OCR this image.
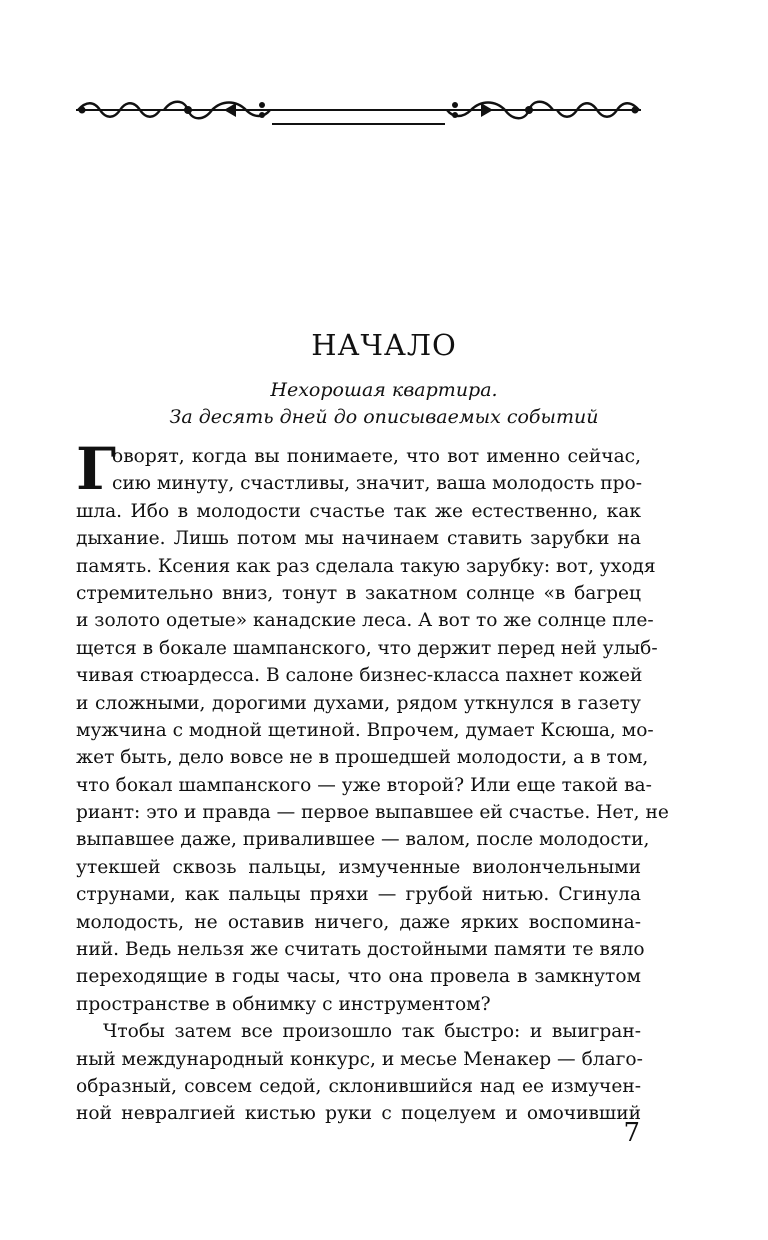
НАЧАЛО
Нехорошая квартира.
За десять дней до описываемых событий
Г
оворят, когда вы понимаете, что вот именно сейчас,
сию минуту, счастливы, значит, ваша молодость про-
шла. Ибо в молодости счастье так же естественно, как
дыхание. Лишь потом мы начинаем ставить зарубки на
память. Ксения как раз сделала такую зарубку: вот, уходя
стремительно вниз, тонут в закатном солнце «в багрец
и золото одетые» канадские леса. А вот то же солнце пле-
щется в бокале шампанского, что держит перед ней улыб-
чивая стюардесса. В салоне бизнес-класса пахнет кожей
и сложными, дорогими духами, рядом уткнулся в газету
мужчина с модной щетиной. Впрочем, думает Ксюша, мо-
жет быть, дело вовсе не в прошедшей молодости, а в том,
что бокал шампанского — уже второй? Или еще такой ва-
риант: это и правда — первое выпавшее ей счастье. Нет, не
выпавшее даже, привалившее — валом, после молодости,
утекшей сквозь пальцы, измученные виолончельными
струнами, как пальцы пряхи — грубой нитью. Сгинула
молодость, не оставив ничего, даже ярких воспомина-
ний. Ведь нельзя же считать достойными памяти те вяло
переходящие в годы часы, что она провела в замкнутом
пространстве в обнимку с инструментом?
Чтобы затем все произошло так быстро: и выигран-
ный международный конкурс, и месье Менакер — благо-
образный, совсем седой, склонившийся над ее измучен-
ной невралгией кистью руки с поцелуем и омочивший
7
